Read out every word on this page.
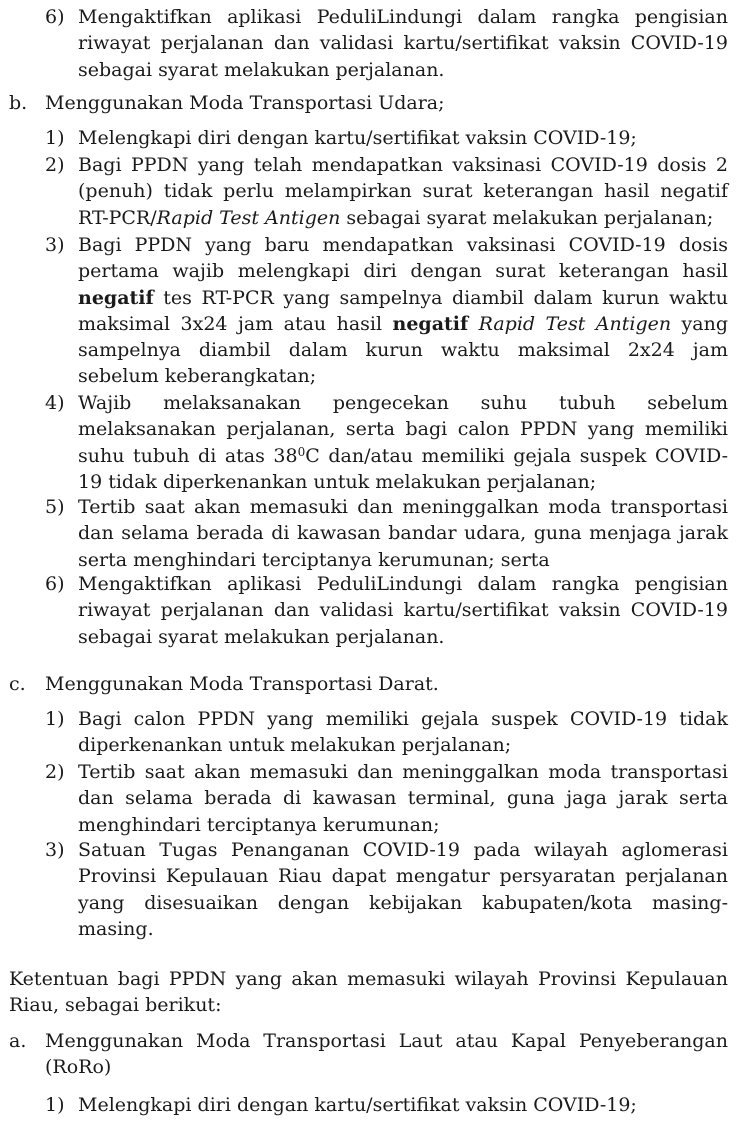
6) Mengaktifkan aplikasi PeduliLindungi dalam rangka pengisian riwayat perjalanan dan validasi kartu/sertifikat vaksin COVID-19 sebagai syarat melakukan perjalanan.
b. Menggunakan Moda Transportasi Udara;
1) Melengkapi diri dengan kartu/sertifikat vaksin COVID-19;
2) Bagi PPDN yang telah mendapatkan vaksinasi COVID-19 dosis 2 (penuh) tidak perlu melampirkan surat keterangan hasil negatif RT-PCR/Rapid Test Antigen sebagai syarat melakukan perjalanan;
3) Bagi PPDN yang baru mendapatkan vaksinasi COVID-19 dosis pertama wajib melengkapi diri dengan surat keterangan hasil negatif tes RT-PCR yang sampelnya diambil dalam kurun waktu maksimal 3x24 jam atau hasil negatif Rapid Test Antigen yang sampelnya diambil dalam kurun waktu maksimal 2x24 jam sebelum keberangkatan;
4) Wajib melaksanakan pengecekan suhu tubuh sebelum melaksanakan perjalanan, serta bagi calon PPDN yang memiliki suhu tubuh di atas $38^0C$ dan/atau memiliki gejala suspek COVID-19 tidak diperkenankan untuk melakukan perjalanan;
5) Tertib saat akan memasuki dan meninggalkan moda transportasi dan selama berada di kawasan bandar udara, guna menjaga jarak serta menghindari terciptanya kerumunan; serta
6) Mengaktifkan aplikasi PeduliLindungi dalam rangka pengisian riwayat perjalanan dan validasi kartu/sertifikat vaksin COVID-19 sebagai syarat melakukan perjalanan.
c. Menggunakan Moda Transportasi Darat.
1) Bagi calon PPDN yang memiliki gejala suspek COVID-19 tidak diperkenankan untuk melakukan perjalanan;
2) Tertib saat akan memasuki dan meninggalkan moda transportasi dan selama berada di kawasan terminal, guna jaga jarak serta menghindari terciptanya kerumunan;
3) Satuan Tugas Penanganan COVID-19 pada wilayah aglomerasi Provinsi Kepulauan Riau dapat mengatur persyaratan perjalanan yang disesuaikan dengan kebijakan kabupaten/kota masing-masing.
Ketentuan bagi PPDN yang akan memasuki wilayah Provinsi Kepulauan Riau, sebagai berikut:
a. Menggunakan Moda Transportasi Laut atau Kapal Penyeberangan (RoRo)
1) Melengkapi diri dengan kartu/sertifikat vaksin COVID-19;
